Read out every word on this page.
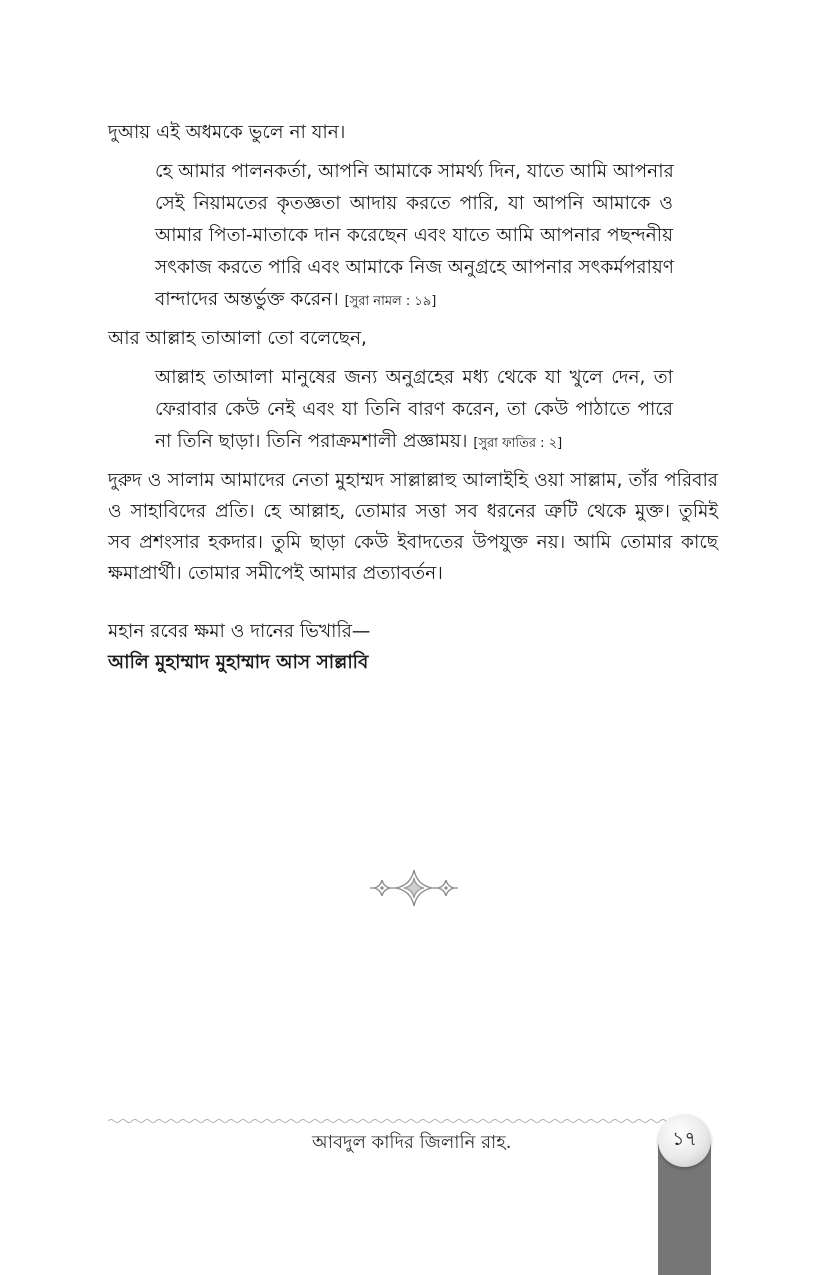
দুআয় এই অধমকে ভুলে না যান।
হে আমার পালনকর্তা, আপনি আমাকে সামর্থ্য দিন, যাতে আমি আপনার
সেই নিয়ামতের কৃতজ্ঞতা আদায় করতে পারি, যা আপনি আমাকে ও
আমার পিতা-মাতাকে দান করেছেন এবং যাতে আমি আপনার পছন্দনীয়
সৎকাজ করতে পারি এবং আমাকে নিজ অনুগ্রহে আপনার সৎকর্মপরায়ণ
বান্দাদের অন্তর্ভুক্ত করেন। [সুরা নামল : ১৯]
আর আল্লাহ তাআলা তো বলেছেন,
আল্লাহ তাআলা মানুষের জন্য অনুগ্রহের মধ্য থেকে যা খুলে দেন, তা
ফেরাবার কেউ নেই এবং যা তিনি বারণ করেন, তা কেউ পাঠাতে পারে
না তিনি ছাড়া। তিনি পরাক্রমশালী প্রজ্ঞাময়। [সুরা ফাতির : ২]
দুরুদ ও সালাম আমাদের নেতা মুহাম্মদ সাল্লাল্লাহু আলাইহি ওয়া সাল্লাম, তাঁর পরিবার
ও সাহাবিদের প্রতি। হে আল্লাহ, তোমার সত্তা সব ধরনের ত্রুটি থেকে মুক্ত। তুমিই
সব প্রশংসার হকদার। তুমি ছাড়া কেউ ইবাদতের উপযুক্ত নয়। আমি তোমার কাছে
ক্ষমাপ্রার্থী। তোমার সমীপেই আমার প্রত্যাবর্তন।
মহান রবের ক্ষমা ও দানের ভিখারি—
আলি মুহাম্মাদ মুহাম্মাদ আস সাল্লাবি
আবদুল কাদির জিলানি রাহ.	১৭
